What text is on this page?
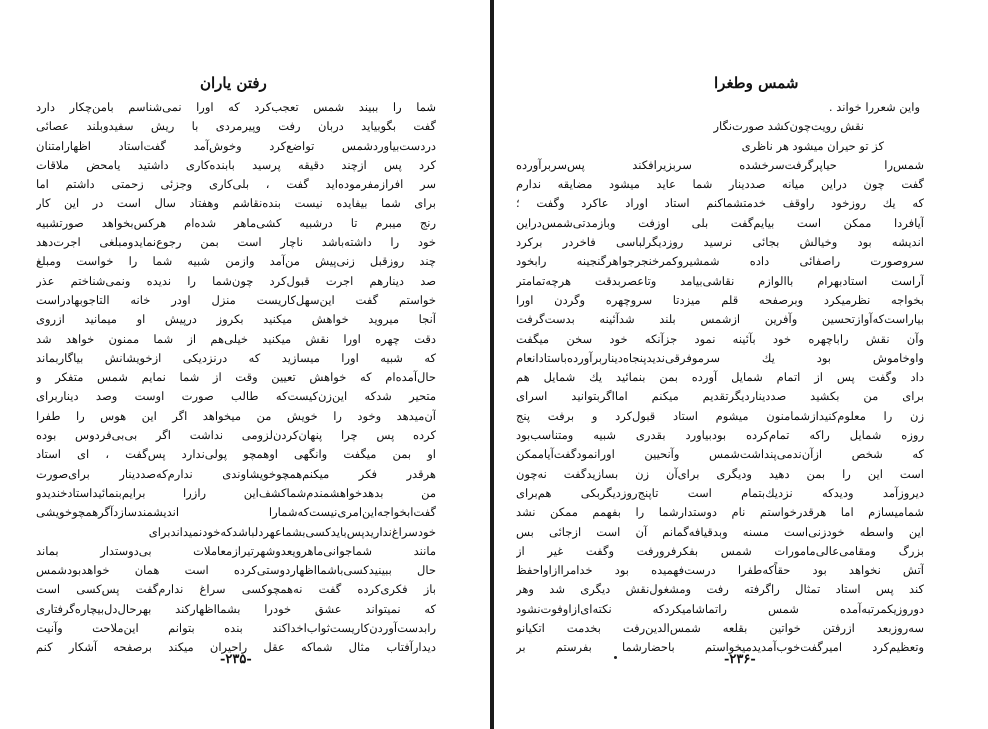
رفتن یاران
شما را ببیند شمس تعجب‌کرد که اورا نمی‌شناسم بامن‌چکار دارد
گفت بگوبیاید دربان رفت وپیرمردی با ریش سفیدوبلند عصائی
دردست‌بیاوردشمس تواضع‌کرد وخوش‌آمد گفت‌استاد اظهار‌امتنان
کرد پس ازچند دقیقه پرسید بابنده‌کاری داشتید یامحض ملاقات
سر افراز‌مفرموده‌اید گفت ، بلی‌کاری وجزئی زحمتی داشتم اما
برای شما بیفایده نیست بنده‌نقاشم وهفتاد سال است در این کار
رنج میبرم تا درشبیه کشی‌ماهر شده‌ام هرکس‌بخواهد صورتشبیه
خود را داشته‌باشد ناچار است بمن رجوع‌نمایدومبلغی اجرت‌دهد
چند روزقبل زنی‌پیش من‌آمد وازمن شبیه شما را خواست ومبلغ
صد دینارهم اجرت قبول‌کرد چون‌شما را ندیده ونمی‌شناختم عذر
خواستم گفت این‌سهل‌کاریست منزل اودر خانه التاجوبهادراست
آنجا میروید خواهش میکنید بکروز درپیش او میمانید ازروی
دقت چهره اورا نقش میکنید خیلی‌هم از شما ممنون خواهد شد
که شبیه اورا میسازید که درنزدیکی ازخویشانش بیاگاربماند
حال‌آمده‌ام که خواهش تعیین وقت از شما نمایم شمس متفکر و
متحیر شدکه این‌زن‌کیست‌که طالب صورت اوست وصد دینار‌برای
آن‌میدهد وخود را خویش من میخواهد اگر این هوس را طفرا
کرده پس چرا پنهان‌کردن‌لزومی نداشت اگر بی‌بی‌فردوس بوده
او بمن میگفت وانگهی اوهمچو پولی‌ندارد پس‌گفت ، ای استاد
هرقدر فکر میکنم‌همچوخویشاوندی ندارم‌که‌صددینار برای‌صورت
من بدهد‌خواهشمندم‌شماکشف‌این رازرا برایم‌بنمائیداستادخندیدو
گفت‌ابخواجه‌این‌امری‌نیست‌که‌شمارا اندیشمندسازدآگرهمچوخویشی
خودسراغ‌نداریدپس‌بایدکسی‌بشماعهردلباشدکه‌خودنمیداندبرای
مانند شماجوانی‌ماهرویعدوشهرتیرازمعاملات بی‌دوستدار بماند
حال ببینیدکسی‌باشمااظهاردوستی‌کرده است همان خواهدبودشمس
باز فکری‌کرده گفت نه‌همچوکسی سراغ ندارم‌گفت پس‌کسی است
که نمیتواند عشق خودرا بشمااظهار‌کند بهرحال‌دل‌بیچاره‌گرفتاری
رابدست‌آوردن‌کاریست‌ثواب‌اخداکند بنده بتوانم این‌ملاحت وآنیت
دیدار‌آفتاب مثال شماکه عقل راحیران میکند برصفحه آشکار کنم
-۲۳۵-
شمس وطغرا
واین شعررا خواند .
نقش رویت‌چون‌کشد صورت‌نگار
کز تو حیران میشود هر ناظری
شمس‌را حیاپرگرفت‌سرخشده سربزیرافکند پس‌سربرآورده
گفت چون دراین میانه صددینار شما عاید میشود مضایقه ندارم
که یك روزخود راوقف خدمتشماکنم استاد اوراد عاکرد وگفت ؛
آیافردا ممکن است بیایم‌گفت بلی اوزفت وبازمدتی‌شمس‌دراین
اندیشه بود وخیالش بجائی نرسید روزدیگرلباسی فاخردر برکرد
سروصورت راصفائی داده شمشیروکمرخنجرجواهرگنجینه رابخود
آراست استادبهرام باالوازم نقاشی‌بیامد وتاعصربدقت هرچه‌تمامتر
بخواجه نظرمیکرد وبرصفحه قلم میزدتا سروچهره وگردن اورا
بیاراست‌که‌آوازتحسین وآفرین ازشمس بلند شدآئینه بدست‌گرفت
وآن نقش رابا‌چهره خود بآئینه نمود جزآنکه خود سخن میگفت
واوخاموش بود یك سرموفرقی‌ندید‌پنجاه‌دینار‌برآورده‌باستادانعام
داد وگفت پس از اتمام شمایل آورده بمن بنمائید یك شمایل هم
برای من بکشید صددینار‌دیگر‌تقدیم میکنم امااگر‌بتوانید اسرای
زن را معلوم‌کنیدازشمامنون میشوم استاد قبول‌کرد و برفت پنج
روزه شمایل راکه تمام‌کرده بودبیاورد بقدری شبیه ومتناسب‌بود
که شخص ازآن‌ندمی‌پنداشت‌شمس وآنحیین اورانمود‌گفت‌آیا‌ممکن
است این را بمن دهید ودیگری برای‌آن زن بسازید‌گفت نه‌چون
دیروزآمد ودیدکه نزدیك‌بتمام است تاپنج‌روزدیگربکی هم‌برای
شمامیسازم اما هرقدرخواستم نام دوستدارشما را بفهمم ممکن نشد
این واسطه خودزنی‌است مسنه وبدقیافه‌گمانم آن است ازجائی بس
بزرگ ومقامی‌عالی‌مامورات شمس بفکرفرورفت وگفت غیر از
آتش نخواهد بود حقاً‌که‌طفرا درست‌فهمیده بود خدامرااز‌اوا‌حفظ
کند پس استاد تمثال راگرفته رفت ومشغول‌نقش دیگری شد وهر
دوروزیکمرتبه‌آمده شمس راتماشامیکرد‌که نکته‌ای‌ازاوفوت‌نشود
سه‌روزبعد ازرفتن خواتین بقلعه شمس‌الدین‌رفت بخدمت اتکیانو
وتعظیم‌کرد امیر‌گفت‌خوب‌آمدیدمیخواستم باحضارشما بفرستم بر
-۲۳۶-
